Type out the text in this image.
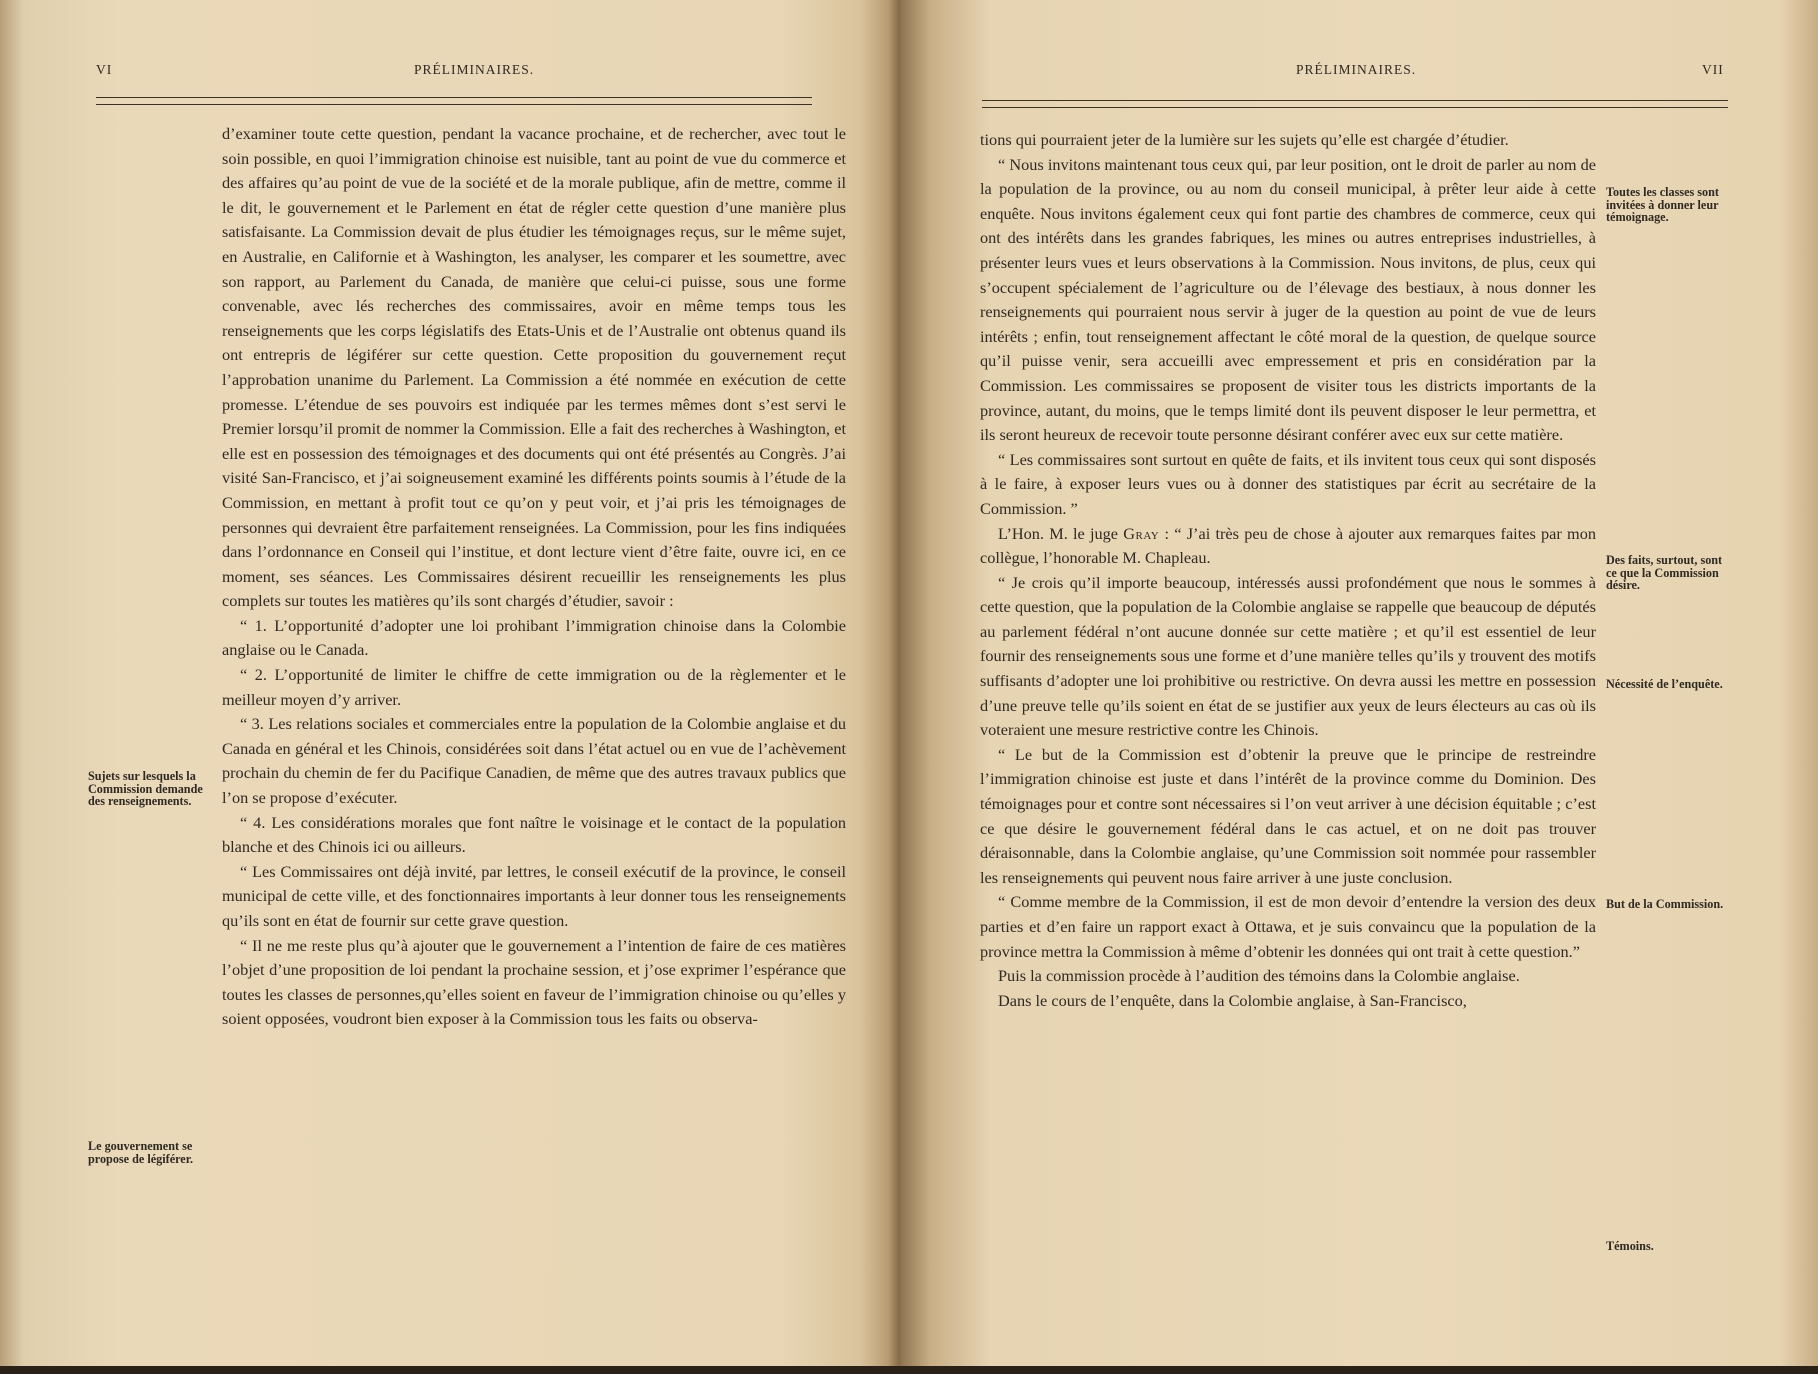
VI	PRÉLIMINAIRES.

d’examiner toute cette question, pendant la vacance prochaine, et de rechercher, avec tout le soin possible, en quoi l’immigration chinoise est nuisible, tant au point de vue du commerce et des affaires qu’au point de vue de la société et de la morale publique, afin de mettre, comme il le dit, le gouvernement et le Parlement en état de régler cette question d’une manière plus satisfaisante. La Commission devait de plus étudier les témoignages reçus, sur le même sujet, en Australie, en Californie et à Washington, les analyser, les comparer et les soumettre, avec son rapport, au Parlement du Canada, de manière que celui-ci puisse, sous une forme convenable, avec lés recherches des commissaires, avoir en même temps tous les renseignements que les corps législatifs des Etats-Unis et de l’Australie ont obtenus quand ils ont entrepris de légiférer sur cette question. Cette proposition du gouvernement reçut l’approbation unanime du Parlement. La Commission a été nommée en exécution de cette promesse. L’étendue de ses pouvoirs est indiquée par les termes mêmes dont s’est servi le Premier lorsqu’il promit de nommer la Commission. Elle a fait des recherches à Washington, et elle est en possession des témoignages et des documents qui ont été présentés au Congrès. J’ai visité San-Francisco, et j’ai soigneusement examiné les différents points soumis à l’étude de la Commission, en mettant à profit tout ce qu’on y peut voir, et j’ai pris les témoignages de personnes qui devraient être parfaitement renseignées. La Commission, pour les fins indiquées dans l’ordonnance en Conseil qui l’institue, et dont lecture vient d’être faite, ouvre ici, en ce moment, ses séances. Les Commissaires désirent recueillir les renseignements les plus complets sur toutes les matières qu’ils sont chargés d’étudier, savoir :

“ 1. L’opportunité d’adopter une loi prohibant l’immigration chinoise dans la Colombie anglaise ou le Canada.

“ 2. L’opportunité de limiter le chiffre de cette immigration ou de la règlementer et le meilleur moyen d’y arriver.

“ 3. Les relations sociales et commerciales entre la population de la Colombie anglaise et du Canada en général et les Chinois, considérées soit dans l’état actuel ou en vue de l’achèvement prochain du chemin de fer du Pacifique Canadien, de même que des autres travaux publics que l’on se propose d’exécuter.

“ 4. Les considérations morales que font naître le voisinage et le contact de la population blanche et des Chinois ici ou ailleurs.

“ Les Commissaires ont déjà invité, par lettres, le conseil exécutif de la province, le conseil municipal de cette ville, et des fonctionnaires importants à leur donner tous les renseignements qu’ils sont en état de fournir sur cette grave question.

“ Il ne me reste plus qu’à ajouter que le gouvernement a l’intention de faire de ces matières l’objet d’une proposition de loi pendant la prochaine session, et j’ose exprimer l’espérance que toutes les classes de personnes,qu’elles soient en faveur de l’immigration chinoise ou qu’elles y soient opposées, voudront bien exposer à la Commission tous les faits ou observa-

Sujets sur lesquels la Commission demande des renseignements.
Le gouvernement se propose de légiférer.
PRÉLIMINAIRES.	VII

tions qui pourraient jeter de la lumière sur les sujets qu’elle est chargée d’étudier.

“ Nous invitons maintenant tous ceux qui, par leur position, ont le droit de parler au nom de la population de la province, ou au nom du conseil municipal, à prêter leur aide à cette enquête. Nous invitons également ceux qui font partie des chambres de commerce, ceux qui ont des intérêts dans les grandes fabriques, les mines ou autres entreprises industrielles, à présenter leurs vues et leurs observations à la Commission. Nous invitons, de plus, ceux qui s’occupent spécialement de l’agriculture ou de l’élevage des bestiaux, à nous donner les renseignements qui pourraient nous servir à juger de la question au point de vue de leurs intérêts ; enfin, tout renseignement affectant le côté moral de la question, de quelque source qu’il puisse venir, sera accueilli avec empressement et pris en considération par la Commission. Les commissaires se proposent de visiter tous les districts importants de la province, autant, du moins, que le temps limité dont ils peuvent disposer le leur permettra, et ils seront heureux de recevoir toute personne désirant conférer avec eux sur cette matière.

“ Les commissaires sont surtout en quête de faits, et ils invitent tous ceux qui sont disposés à le faire, à exposer leurs vues ou à donner des statistiques par écrit au secrétaire de la Commission. ”

L’Hon. M. le juge Gray : “ J’ai très peu de chose à ajouter aux remarques faites par mon collègue, l’honorable M. Chapleau.

“ Je crois qu’il importe beaucoup, intéressés aussi profondément que nous le sommes à cette question, que la population de la Colombie anglaise se rappelle que beaucoup de députés au parlement fédéral n’ont aucune donnée sur cette matière ; et qu’il est essentiel de leur fournir des renseignements sous une forme et d’une manière telles qu’ils y trouvent des motifs suffisants d’adopter une loi prohibitive ou restrictive. On devra aussi les mettre en possession d’une preuve telle qu’ils soient en état de se justifier aux yeux de leurs électeurs au cas où ils voteraient une mesure restrictive contre les Chinois.

“ Le but de la Commission est d’obtenir la preuve que le principe de restreindre l’immigration chinoise est juste et dans l’intérêt de la province comme du Dominion. Des témoignages pour et contre sont nécessaires si l’on veut arriver à une décision équitable ; c’est ce que désire le gouvernement fédéral dans le cas actuel, et on ne doit pas trouver déraisonnable, dans la Colombie anglaise, qu’une Commission soit nommée pour rassembler les renseignements qui peuvent nous faire arriver à une juste conclusion.

“ Comme membre de la Commission, il est de mon devoir d’entendre la version des deux parties et d’en faire un rapport exact à Ottawa, et je suis convaincu que la population de la province mettra la Commission à même d’obtenir les données qui ont trait à cette question.”

Puis la commission procède à l’audition des témoins dans la Colombie anglaise.

Dans le cours de l’enquête, dans la Colombie anglaise, à San-Francisco,

Toutes les classes sont invitées à donner leur témoignage.
Des faits, surtout, sont ce que la Commission désire.
Nécessité de l’enquête.
But de la Commission.
Témoins.
